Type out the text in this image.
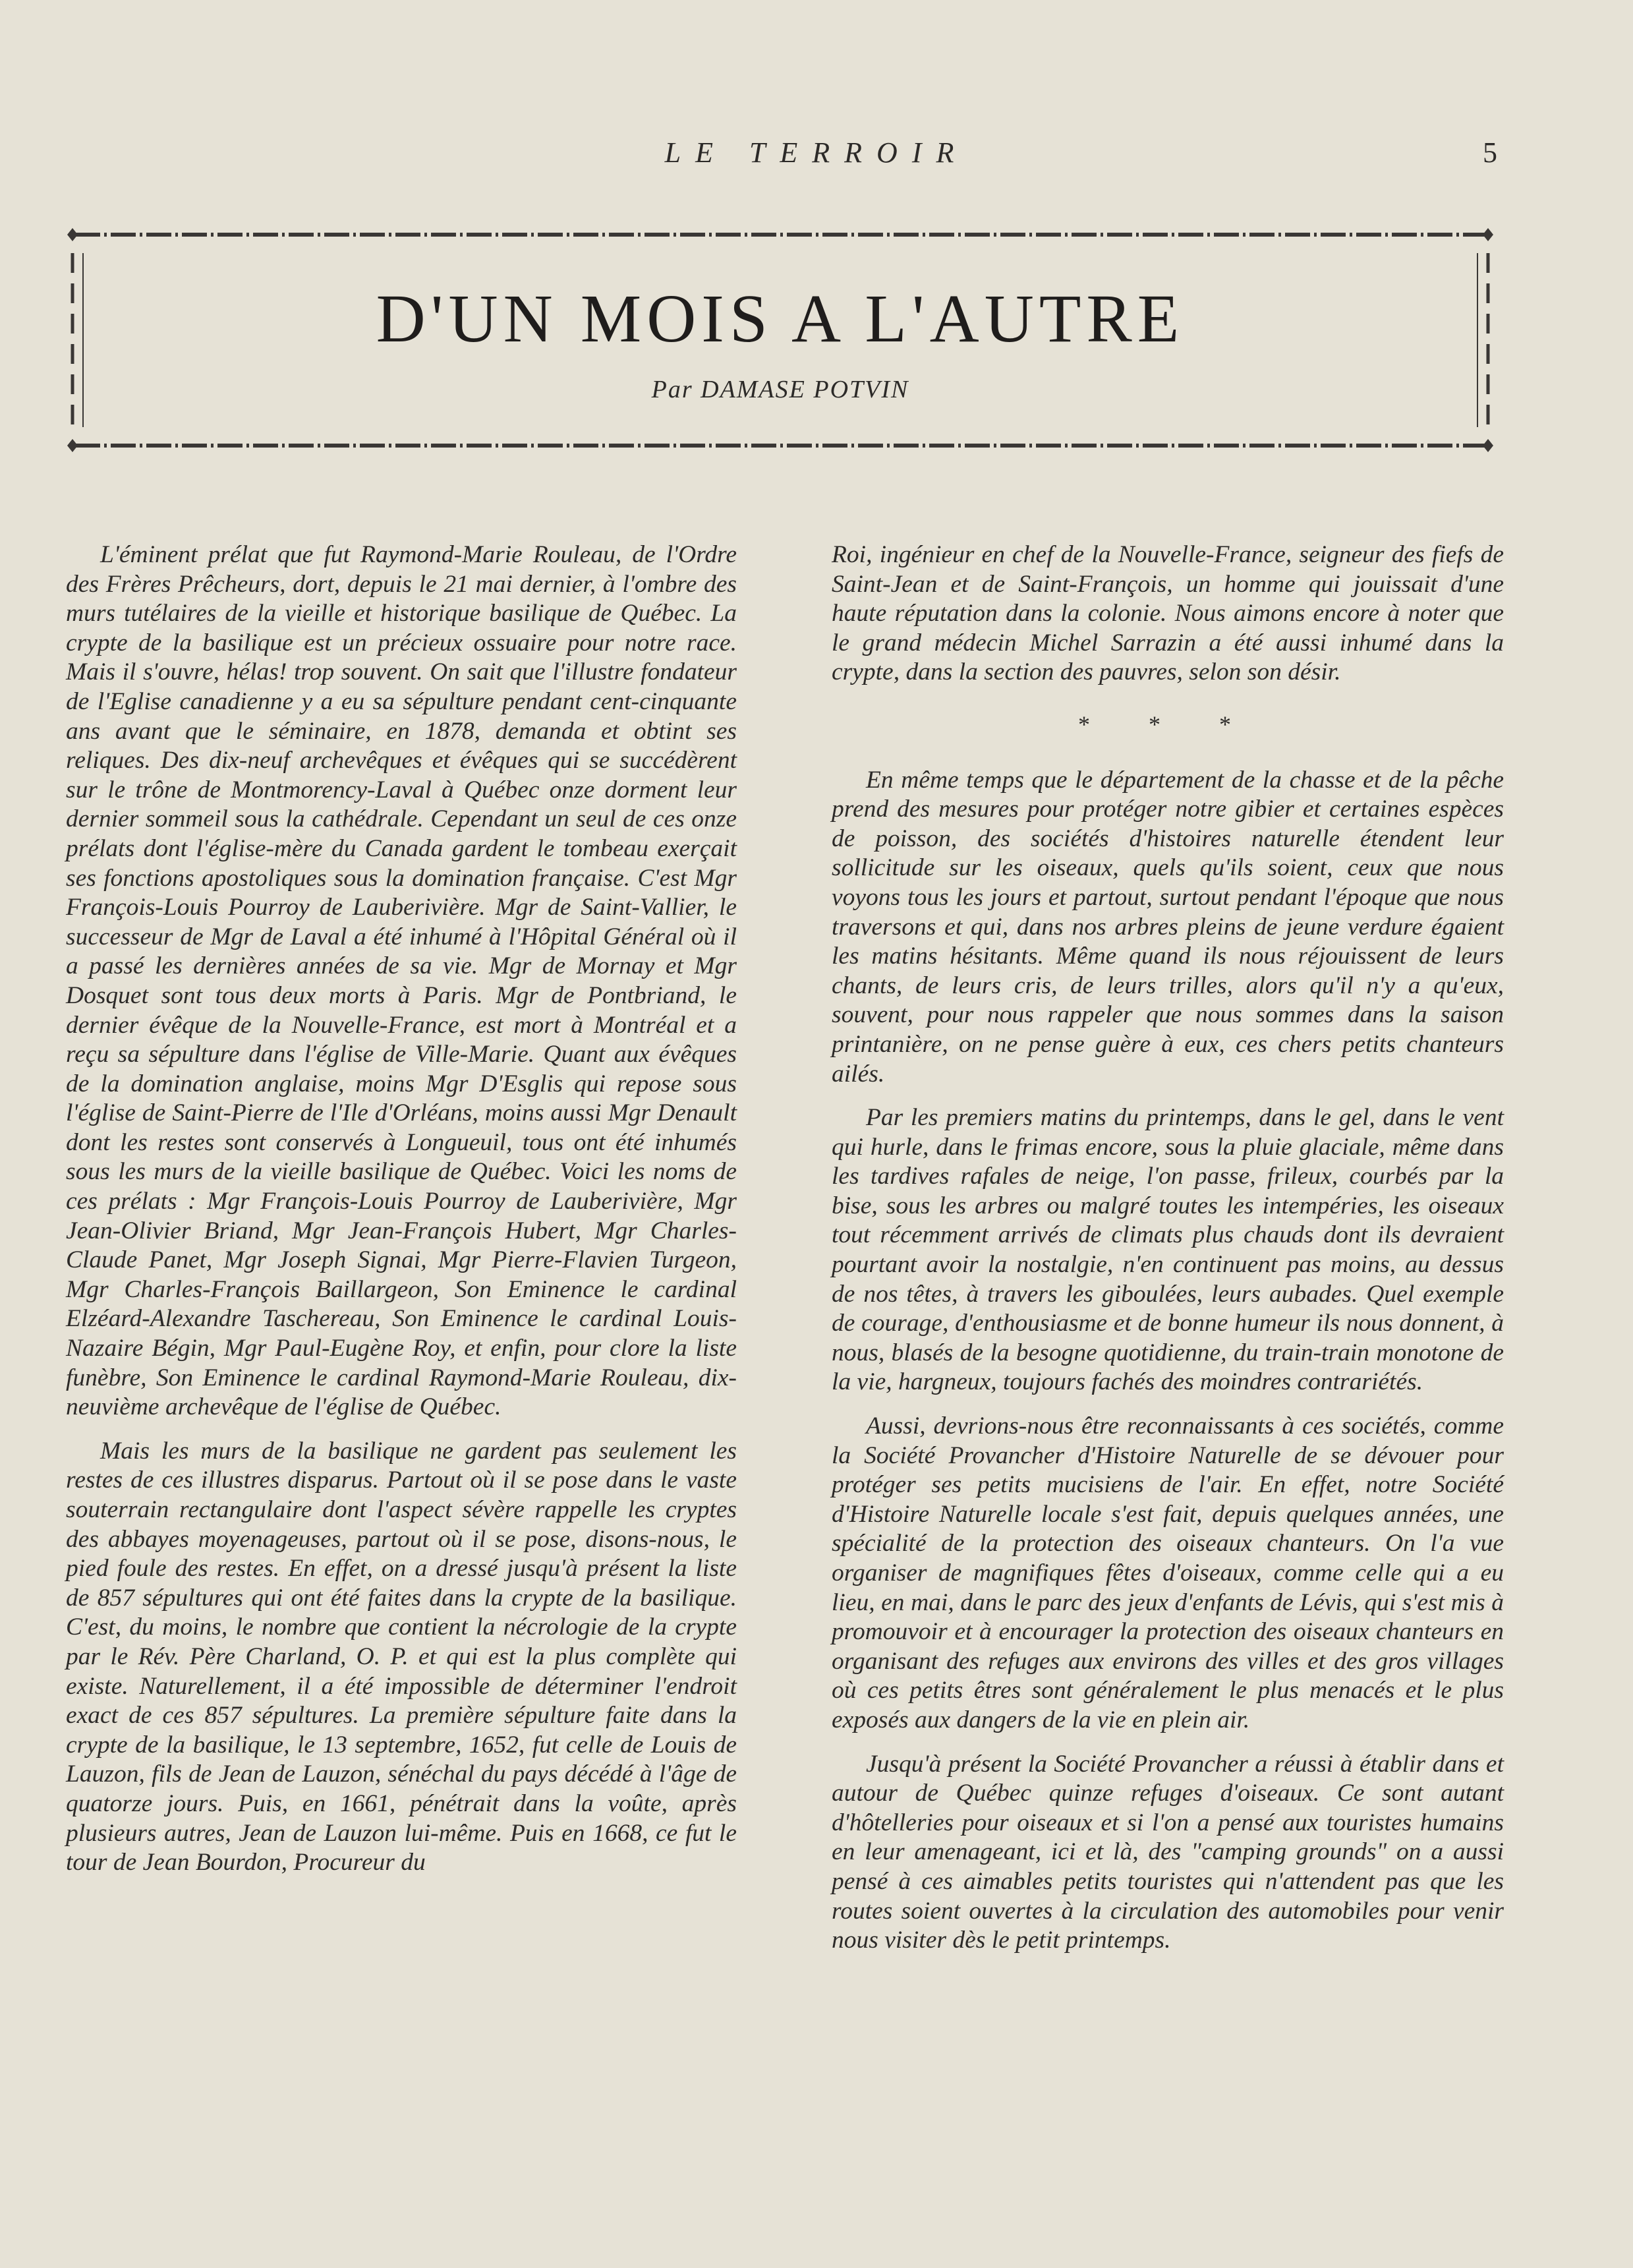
LE TERROIR	5
D'UN MOIS A L'AUTRE
Par DAMASE POTVIN

L'éminent prélat que fut Raymond-Marie Rouleau, de l'Ordre des Frères Prêcheurs, dort, depuis le 21 mai dernier, à l'ombre des murs tutélaires de la vieille et historique basilique de Québec. La crypte de la basilique est un précieux ossuaire pour notre race. Mais il s'ouvre, hélas! trop souvent. On sait que l'illustre fondateur de l'Eglise canadienne y a eu sa sépulture pendant cent-cinquante ans avant que le séminaire, en 1878, demanda et obtint ses reliques. Des dix-neuf archevêques et évêques qui se succédèrent sur le trône de Montmorency-Laval à Québec onze dorment leur dernier sommeil sous la cathédrale. Cependant un seul de ces onze prélats dont l'église-mère du Canada gardent le tombeau exerçait ses fonctions apostoliques sous la domination française. C'est Mgr François-Louis Pourroy de Lauberivière. Mgr de Saint-Vallier, le successeur de Mgr de Laval a été inhumé à l'Hôpital Général où il a passé les dernières années de sa vie. Mgr de Mornay et Mgr Dosquet sont tous deux morts à Paris. Mgr de Pontbriand, le dernier évêque de la Nouvelle-France, est mort à Montréal et a reçu sa sépulture dans l'église de Ville-Marie. Quant aux évêques de la domination anglaise, moins Mgr D'Esglis qui repose sous l'église de Saint-Pierre de l'Ile d'Orléans, moins aussi Mgr Denault dont les restes sont conservés à Longueuil, tous ont été inhumés sous les murs de la vieille basilique de Québec. Voici les noms de ces prélats : Mgr François-Louis Pourroy de Lauberivière, Mgr Jean-Olivier Briand, Mgr Jean-François Hubert, Mgr Charles-Claude Panet, Mgr Joseph Signai, Mgr Pierre-Flavien Turgeon, Mgr Charles-François Baillargeon, Son Eminence le cardinal Elzéard-Alexandre Taschereau, Son Eminence le cardinal Louis-Nazaire Bégin, Mgr Paul-Eugène Roy, et enfin, pour clore la liste funèbre, Son Eminence le cardinal Raymond-Marie Rouleau, dix-neuvième archevêque de l'église de Québec.

Mais les murs de la basilique ne gardent pas seulement les restes de ces illustres disparus. Partout où il se pose dans le vaste souterrain rectangulaire dont l'aspect sévère rappelle les cryptes des abbayes moyenageuses, partout où il se pose, disons-nous, le pied foule des restes. En effet, on a dressé jusqu'à présent la liste de 857 sépultures qui ont été faites dans la crypte de la basilique. C'est, du moins, le nombre que contient la nécrologie de la crypte par le Rév. Père Charland, O. P. et qui est la plus complète qui existe. Naturellement, il a été impossible de déterminer l'endroit exact de ces 857 sépultures. La première sépulture faite dans la crypte de la basilique, le 13 septembre, 1652, fut celle de Louis de Lauzon, fils de Jean de Lauzon, sénéchal du pays décédé à l'âge de quatorze jours. Puis, en 1661, pénétrait dans la voûte, après plusieurs autres, Jean de Lauzon lui-même. Puis en 1668, ce fut le tour de Jean Bourdon, Procureur du

Roi, ingénieur en chef de la Nouvelle-France, seigneur des fiefs de Saint-Jean et de Saint-François, un homme qui jouissait d'une haute réputation dans la colonie. Nous aimons encore à noter que le grand médecin Michel Sarrazin a été aussi inhumé dans la crypte, dans la section des pauvres, selon son désir.

* * *

En même temps que le département de la chasse et de la pêche prend des mesures pour protéger notre gibier et certaines espèces de poisson, des sociétés d'histoires naturelle étendent leur sollicitude sur les oiseaux, quels qu'ils soient, ceux que nous voyons tous les jours et partout, surtout pendant l'époque que nous traversons et qui, dans nos arbres pleins de jeune verdure égaient les matins hésitants. Même quand ils nous réjouissent de leurs chants, de leurs cris, de leurs trilles, alors qu'il n'y a qu'eux, souvent, pour nous rappeler que nous sommes dans la saison printanière, on ne pense guère à eux, ces chers petits chanteurs ailés.

Par les premiers matins du printemps, dans le gel, dans le vent qui hurle, dans le frimas encore, sous la pluie glaciale, même dans les tardives rafales de neige, l'on passe, frileux, courbés par la bise, sous les arbres ou malgré toutes les intempéries, les oiseaux tout récemment arrivés de climats plus chauds dont ils devraient pourtant avoir la nostalgie, n'en continuent pas moins, au dessus de nos têtes, à travers les giboulées, leurs aubades. Quel exemple de courage, d'enthousiasme et de bonne humeur ils nous donnent, à nous, blasés de la besogne quotidienne, du train-train monotone de la vie, hargneux, toujours fachés des moindres contrariétés.

Aussi, devrions-nous être reconnaissants à ces sociétés, comme la Société Provancher d'Histoire Naturelle de se dévouer pour protéger ses petits mucisiens de l'air. En effet, notre Société d'Histoire Naturelle locale s'est fait, depuis quelques années, une spécialité de la protection des oiseaux chanteurs. On l'a vue organiser de magnifiques fêtes d'oiseaux, comme celle qui a eu lieu, en mai, dans le parc des jeux d'enfants de Lévis, qui s'est mis à promouvoir et à encourager la protection des oiseaux chanteurs en organisant des refuges aux environs des villes et des gros villages où ces petits êtres sont généralement le plus menacés et le plus exposés aux dangers de la vie en plein air.

Jusqu'à présent la Société Provancher a réussi à établir dans et autour de Québec quinze refuges d'oiseaux. Ce sont autant d'hôtelleries pour oiseaux et si l'on a pensé aux touristes humains en leur amenageant, ici et là, des "camping grounds" on a aussi pensé à ces aimables petits touristes qui n'attendent pas que les routes soient ouvertes à la circulation des automobiles pour venir nous visiter dès le petit printemps.
